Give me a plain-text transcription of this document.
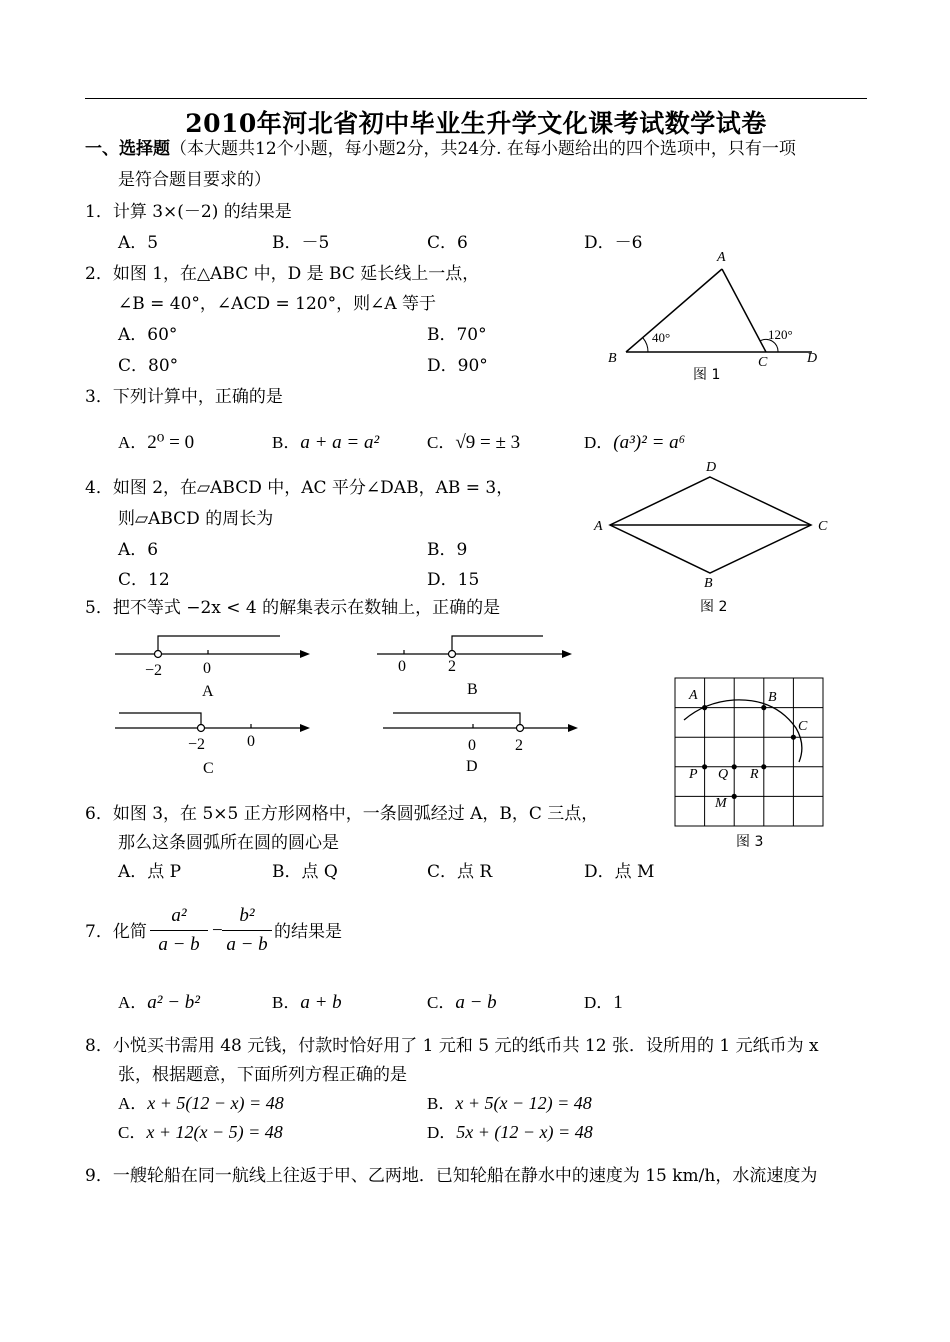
2010年河北省初中毕业生升学文化课考试数学试卷
一、选择题（本大题共12个小题，每小题2分，共24分. 在每小题给出的四个选项中，只有一项
是符合题目要求的）
1．计算 3×(－2) 的结果是
A．5	B．－5	C．6	D．－6
2．如图 1，在△ABC 中，D 是 BC 延长线上一点，
∠B = 40°，∠ACD = 120°，则∠A 等于
A．60°	B．70°
C．80°	D．90°
A
B	C	D
40°	120°
图 1
3．下列计算中，正确的是
A．2⁰ = 0	B．a + a = a²	C．√9 = ± 3	D．(a³)² = a⁶
4．如图 2，在▱ABCD 中，AC 平分∠DAB，AB = 3，
则▱ABCD 的周长为
A．6	B．9
C．12	D．15
D
A	C
B
图 2
5．把不等式 −2x < 4 的解集表示在数轴上，正确的是
−2	0
A
0	2
B
−2	0
C
0 2
D
A	B
C
P Q R
M
图 3
6．如图 3，在 5×5 正方形网格中，一条圆弧经过 A，B，C 三点，
那么这条圆弧所在圆的圆心是
A．点 P	B．点 Q	C．点 R	D．点 M
7．化简
a²
a − b
−
b²
a − b
的结果是
A．a² − b²	B．a + b	C．a − b	D．1
8．小悦买书需用 48 元钱，付款时恰好用了 1 元和 5 元的纸币共 12 张．设所用的 1 元纸币为 x
张，根据题意，下面所列方程正确的是
A．x + 5(12 − x) = 48	B．x + 5(x − 12) = 48
C．x + 12(x − 5) = 48	D．5x + (12 − x) = 48
9．一艘轮船在同一航线上往返于甲、乙两地．已知轮船在静水中的速度为 15 km/h，水流速度为
